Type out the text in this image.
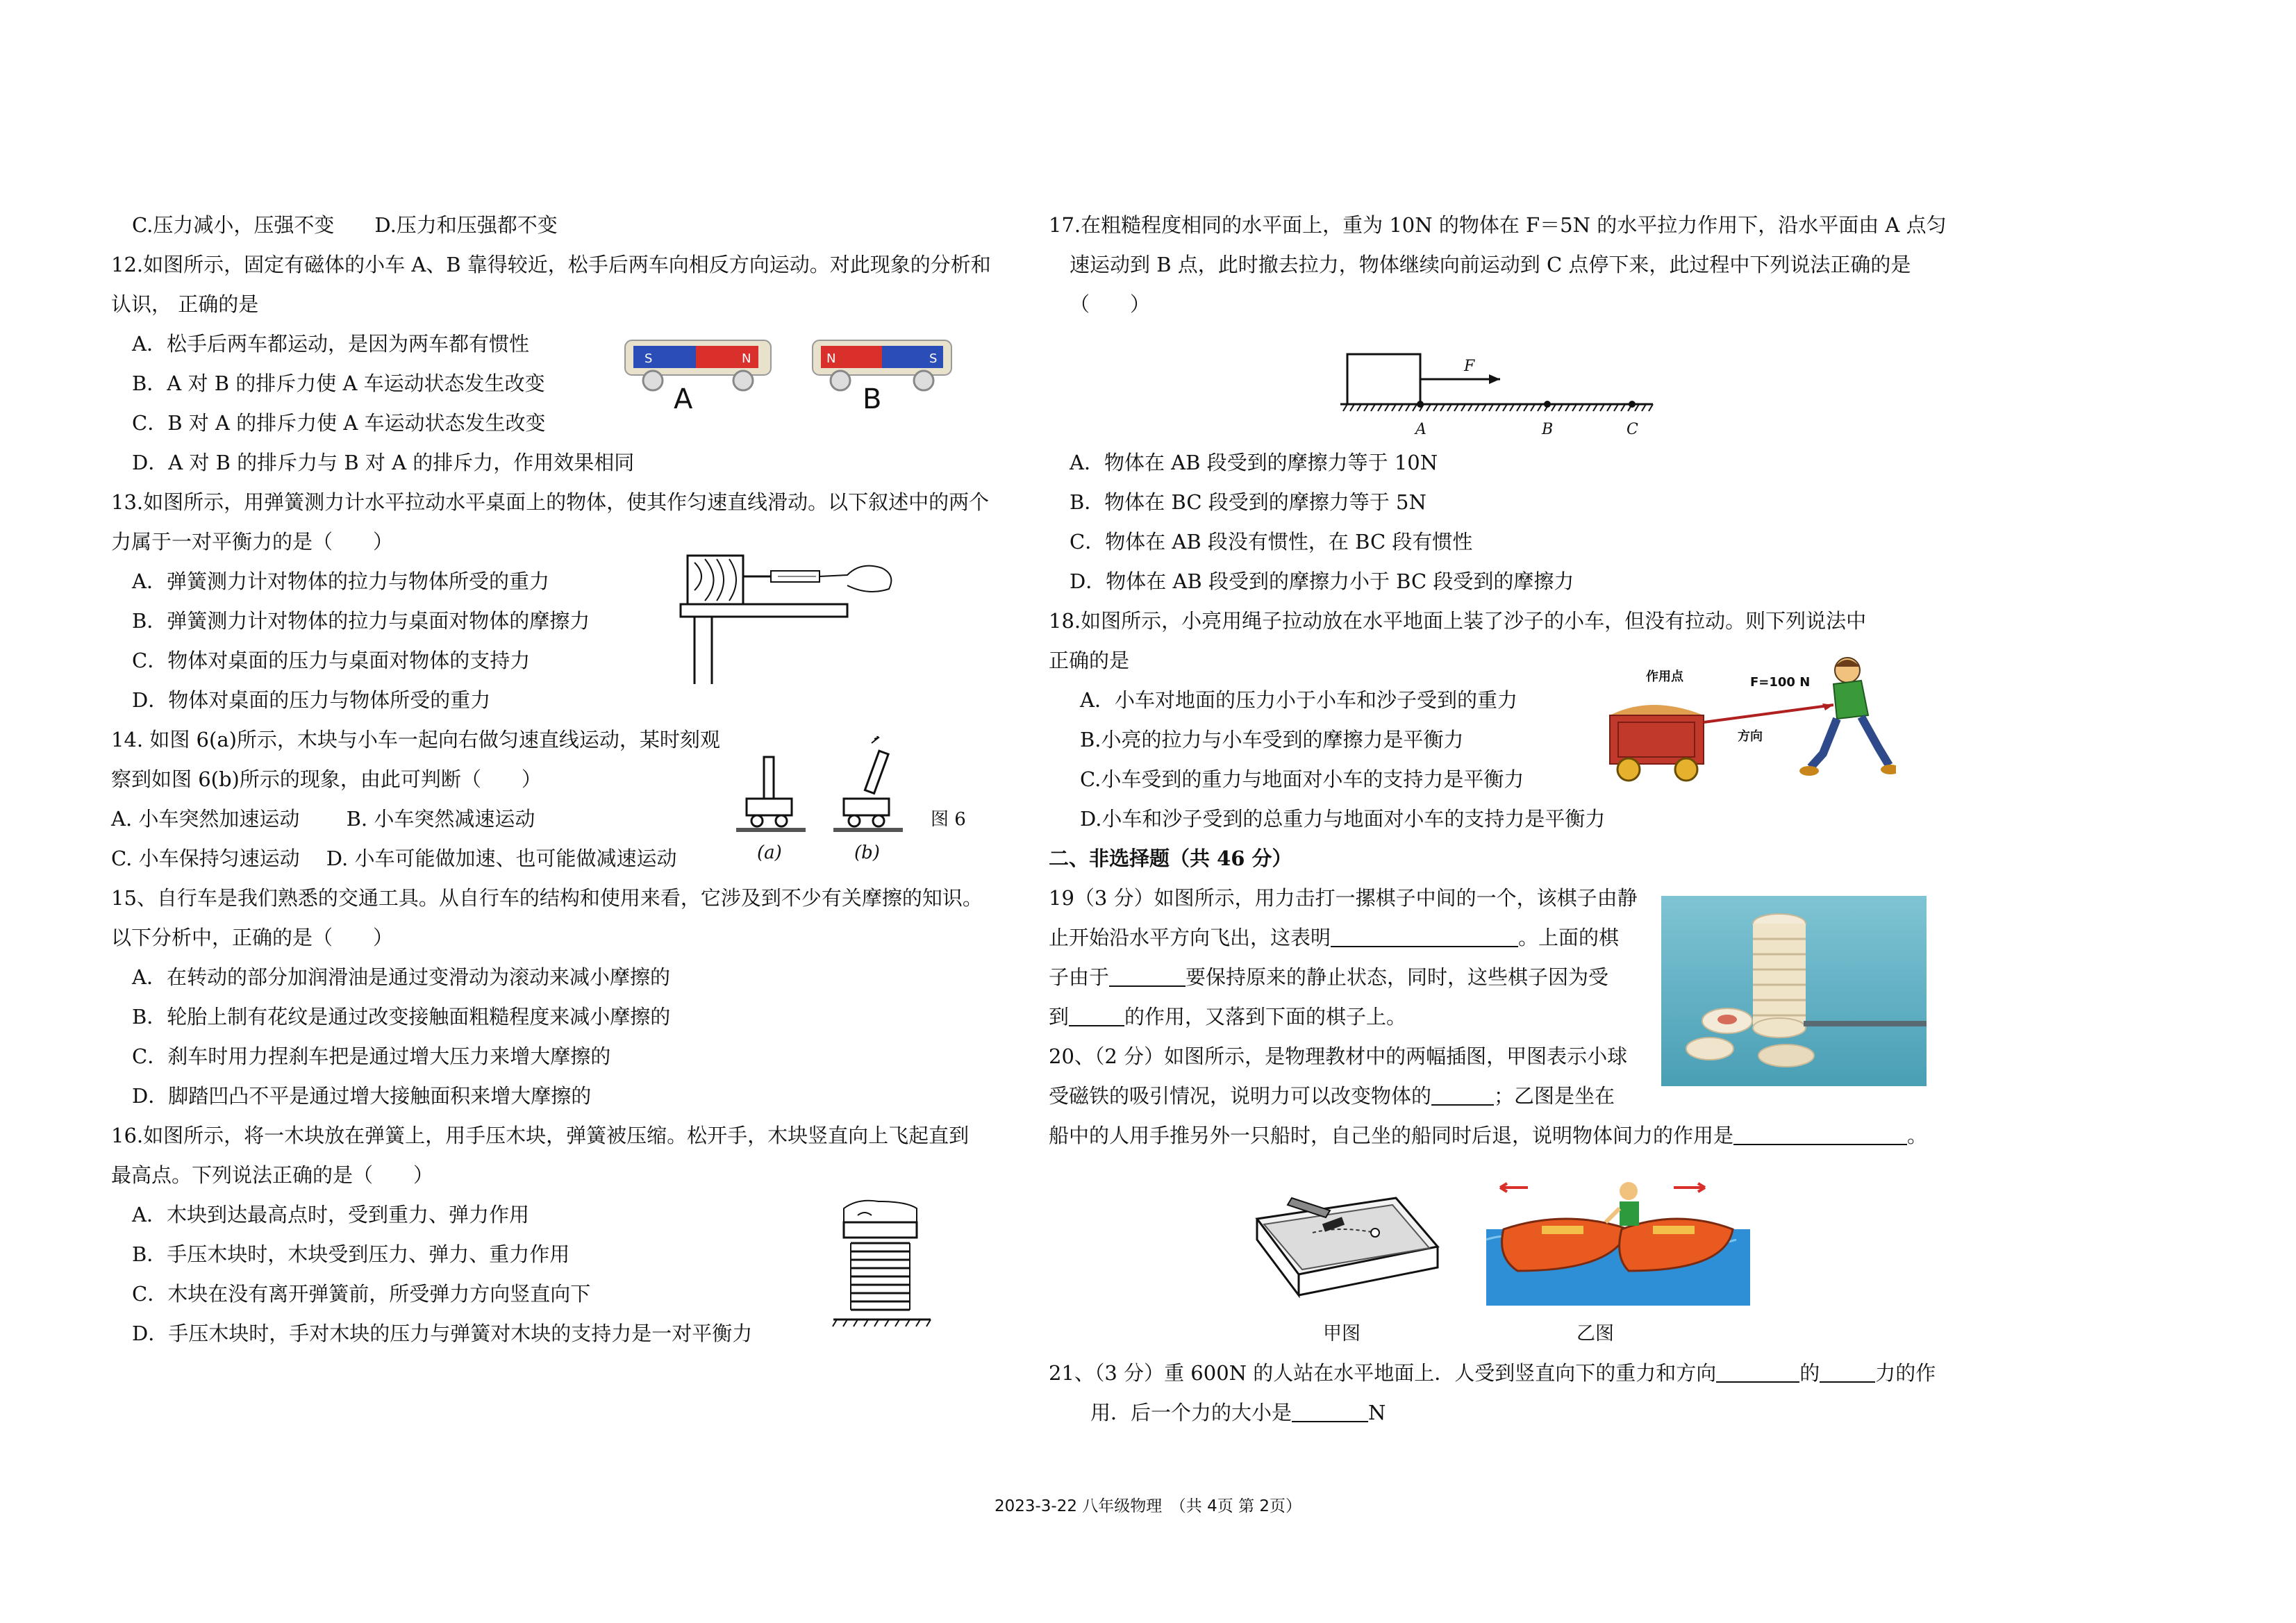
C.压力减小，压强不变　　D.压力和压强都不变
12.如图所示，固定有磁体的小车 A、B 靠得较近，松手后两车向相反方向运动。对此现象的分析和
认识， 正确的是
A．松手后两车都运动，是因为两车都有惯性
B．A 对 B 的排斥力使 A 车运动状态发生改变
C．B 对 A 的排斥力使 A 车运动状态发生改变
D．A 对 B 的排斥力与 B 对 A 的排斥力，作用效果相同
13.如图所示，用弹簧测力计水平拉动水平桌面上的物体，使其作匀速直线滑动。以下叙述中的两个
力属于一对平衡力的是（　　）
A．弹簧测力计对物体的拉力与物体所受的重力
B．弹簧测力计对物体的拉力与桌面对物体的摩擦力
C．物体对桌面的压力与桌面对物体的支持力
D．物体对桌面的压力与物体所受的重力
14. 如图 6(a)所示，木块与小车一起向右做匀速直线运动，某时刻观
察到如图 6(b)所示的现象，由此可判断（　　）
A. 小车突然加速运动　　 B. 小车突然减速运动
C. 小车保持匀速运动　 D. 小车可能做加速、也可能做减速运动
15、自行车是我们熟悉的交通工具。从自行车的结构和使用来看，它涉及到不少有关摩擦的知识。
以下分析中，正确的是（　　）
A．在转动的部分加润滑油是通过变滑动为滚动来减小摩擦的
B．轮胎上制有花纹是通过改变接触面粗糙程度来减小摩擦的
C．刹车时用力捏刹车把是通过增大压力来增大摩擦的
D．脚踏凹凸不平是通过增大接触面积来增大摩擦的
16.如图所示，将一木块放在弹簧上，用手压木块，弹簧被压缩。松开手，木块竖直向上飞起直到
最高点。下列说法正确的是（　　）
A．木块到达最高点时，受到重力、弹力作用
B．手压木块时，木块受到压力、弹力、重力作用
C．木块在没有离开弹簧前，所受弹力方向竖直向下
D．手压木块时，手对木块的压力与弹簧对木块的支持力是一对平衡力
S	N
A
N	S
B
(a)	(b)
图 6
17.在粗糙程度相同的水平面上，重为 10N 的物体在 F＝5N 的水平拉力作用下，沿水平面由 A 点匀
速运动到 B 点，此时撤去拉力，物体继续向前运动到 C 点停下来，此过程中下列说法正确的是
（　　）
A．物体在 AB 段受到的摩擦力等于 10N
B．物体在 BC 段受到的摩擦力等于 5N
C．物体在 AB 段没有惯性，在 BC 段有惯性
D．物体在 AB 段受到的摩擦力小于 BC 段受到的摩擦力
18.如图所示，小亮用绳子拉动放在水平地面上装了沙子的小车，但没有拉动。则下列说法中
正确的是
A．小车对地面的压力小于小车和沙子受到的重力
B.小亮的拉力与小车受到的摩擦力是平衡力
C.小车受到的重力与地面对小车的支持力是平衡力
D.小车和沙子受到的总重力与地面对小车的支持力是平衡力
二、非选择题（共 46 分）
19（3 分）如图所示，用力击打一摞棋子中间的一个，该棋子由静
止开始沿水平方向飞出，这表明	。上面的棋
子由于	要保持原来的静止状态，同时，这些棋子因为受
到	的作用，又落到下面的棋子上。
20、（2 分）如图所示，是物理教材中的两幅插图，甲图表示小球
受磁铁的吸引情况，说明力可以改变物体的	；乙图是坐在
船中的人用手推另外一只船时，自己坐的船同时后退，说明物体间力的作用是	。
21、（3 分）重 600N 的人站在水平地面上．人受到竖直向下的重力和方向	的	力的作
用．后一个力的大小是	N
F
A	B	C
作用点	F=100 N
方向
甲图	乙图
2023-3-22 八年级物理　（共 4页 第 2页）
